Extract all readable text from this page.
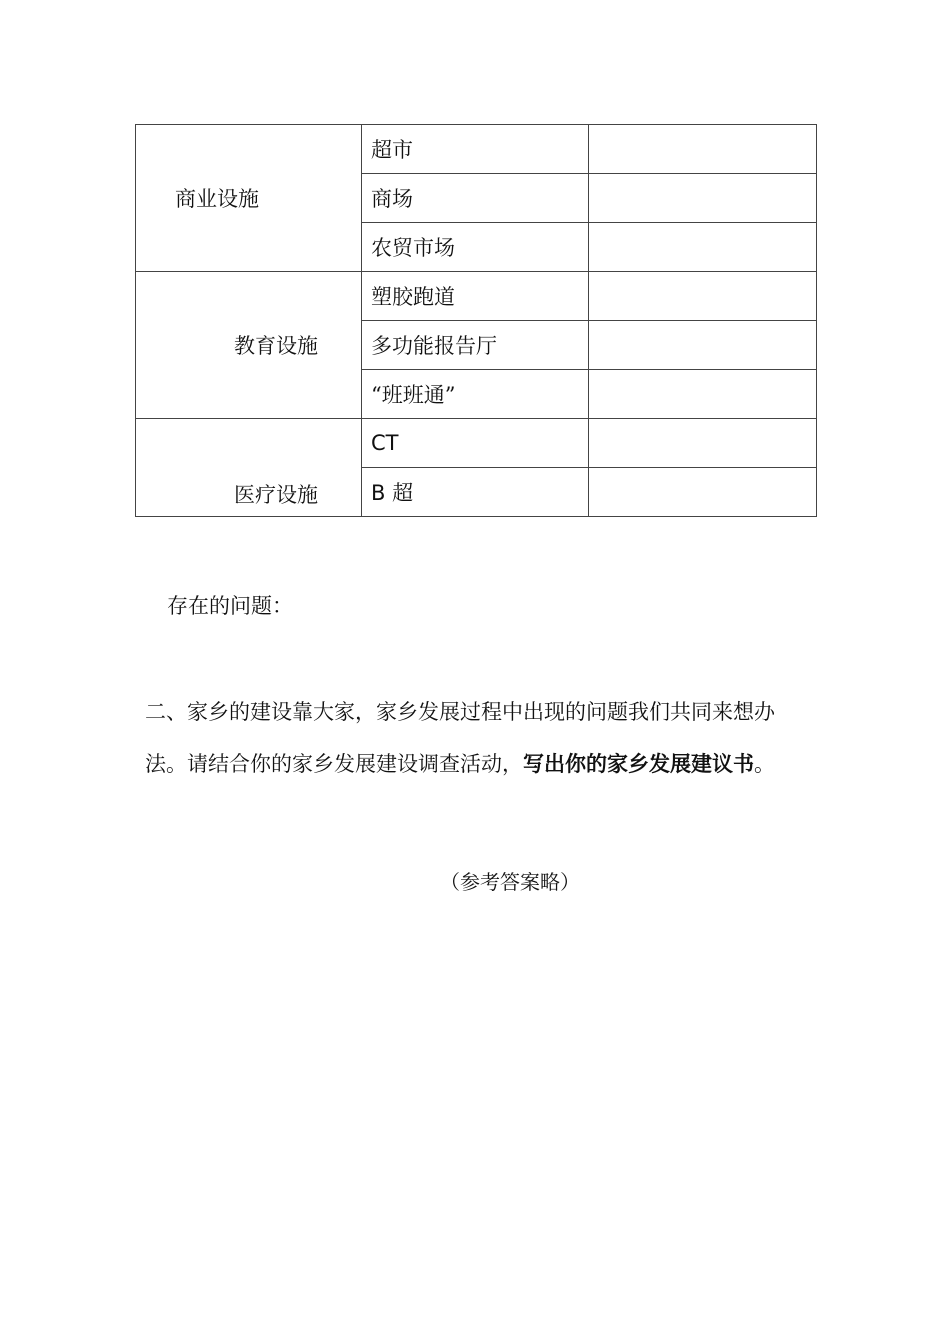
商业设施	超市	
	商场	
	农贸市场	
教育设施	塑胶跑道	
	多功能报告厅	
	“班班通”	
医疗设施	CT	
	B 超	
存在的问题：
二、家乡的建设靠大家，家乡发展过程中出现的问题我们共同来想办法。请结合你的家乡发展建设调查活动，写出你的家乡发展建议书。
（参考答案略）
